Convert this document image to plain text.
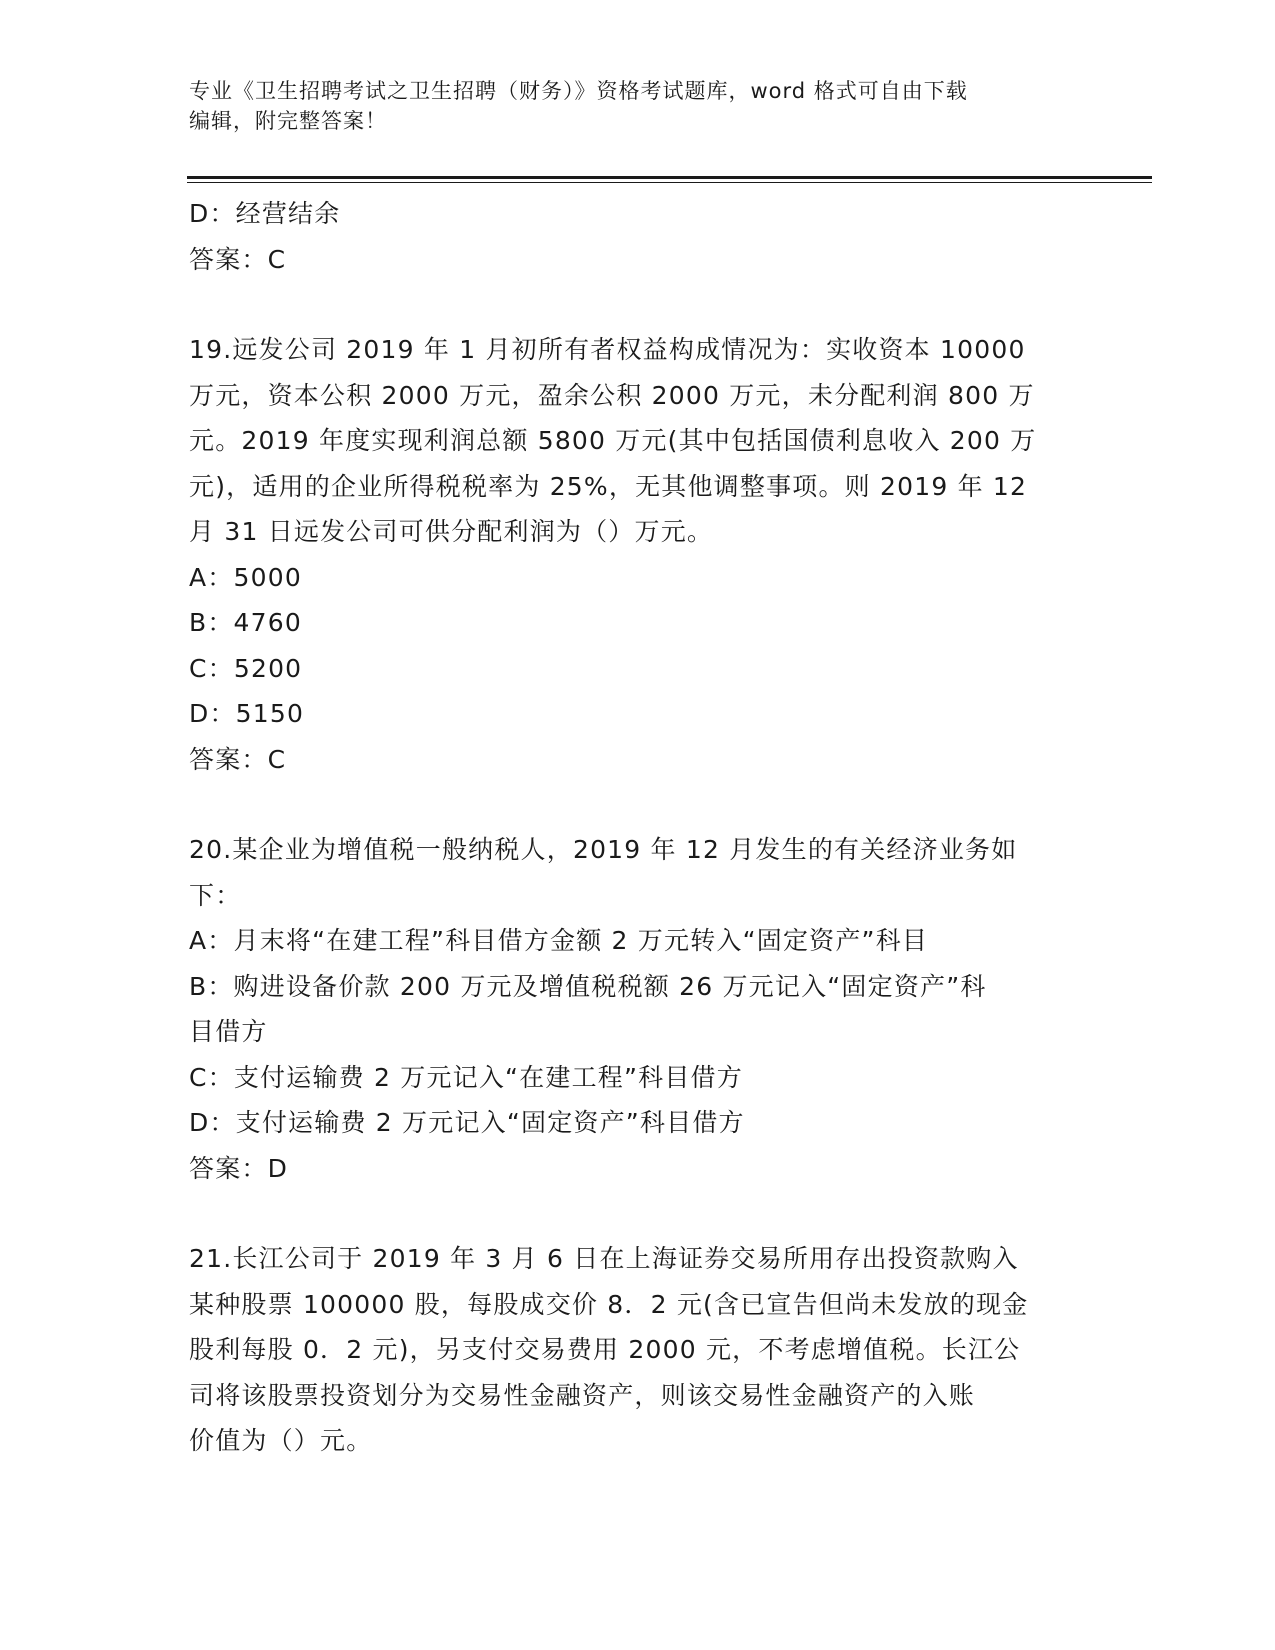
专业《卫生招聘考试之卫生招聘（财务）》资格考试题库，word 格式可自由下载
编辑，附完整答案！
D：经营结余
答案：C
19.远发公司 2019 年 1 月初所有者权益构成情况为：实收资本 10000
万元，资本公积 2000 万元，盈余公积 2000 万元，未分配利润 800 万
元。2019 年度实现利润总额 5800 万元(其中包括国债利息收入 200 万
元)，适用的企业所得税税率为 25%，无其他调整事项。则 2019 年 12
月 31 日远发公司可供分配利润为（）万元。
A：5000
B：4760
C：5200
D：5150
答案：C
20.某企业为增值税一般纳税人，2019 年 12 月发生的有关经济业务如
下：
A：月末将“在建工程”科目借方金额 2 万元转入“固定资产”科目
B：购进设备价款 200 万元及增值税税额 26 万元记入“固定资产”科
目借方
C：支付运输费 2 万元记入“在建工程”科目借方
D：支付运输费 2 万元记入“固定资产”科目借方
答案：D
21.长江公司于 2019 年 3 月 6 日在上海证券交易所用存出投资款购入
某种股票 100000 股，每股成交价 8．2 元(含已宣告但尚未发放的现金
股利每股 0．2 元)，另支付交易费用 2000 元，不考虑增值税。长江公
司将该股票投资划分为交易性金融资产，则该交易性金融资产的入账
价值为（）元。
